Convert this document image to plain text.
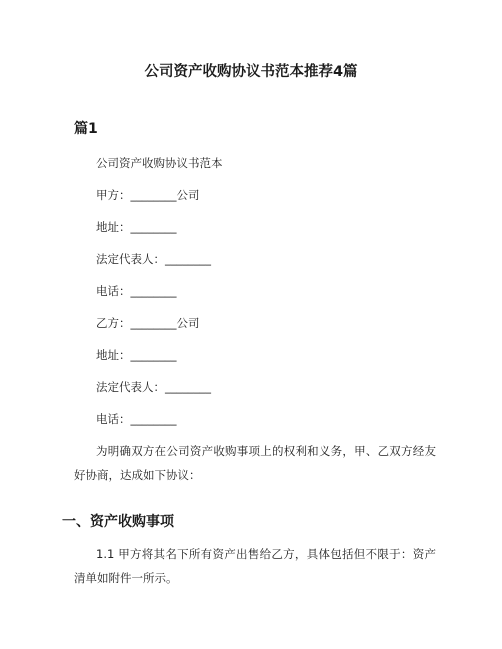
公司资产收购协议书范本推荐4篇
篇1
公司资产收购协议书范本
甲方：________公司
地址：________
法定代表人：________
电话：________
乙方：________公司
地址：________
法定代表人：________
电话：________
为明确双方在公司资产收购事项上的权利和义务，甲、乙双方经友好协商，达成如下协议：
一、资产收购事项
1.1 甲方将其名下所有资产出售给乙方，具体包括但不限于：资产清单如附件一所示。
